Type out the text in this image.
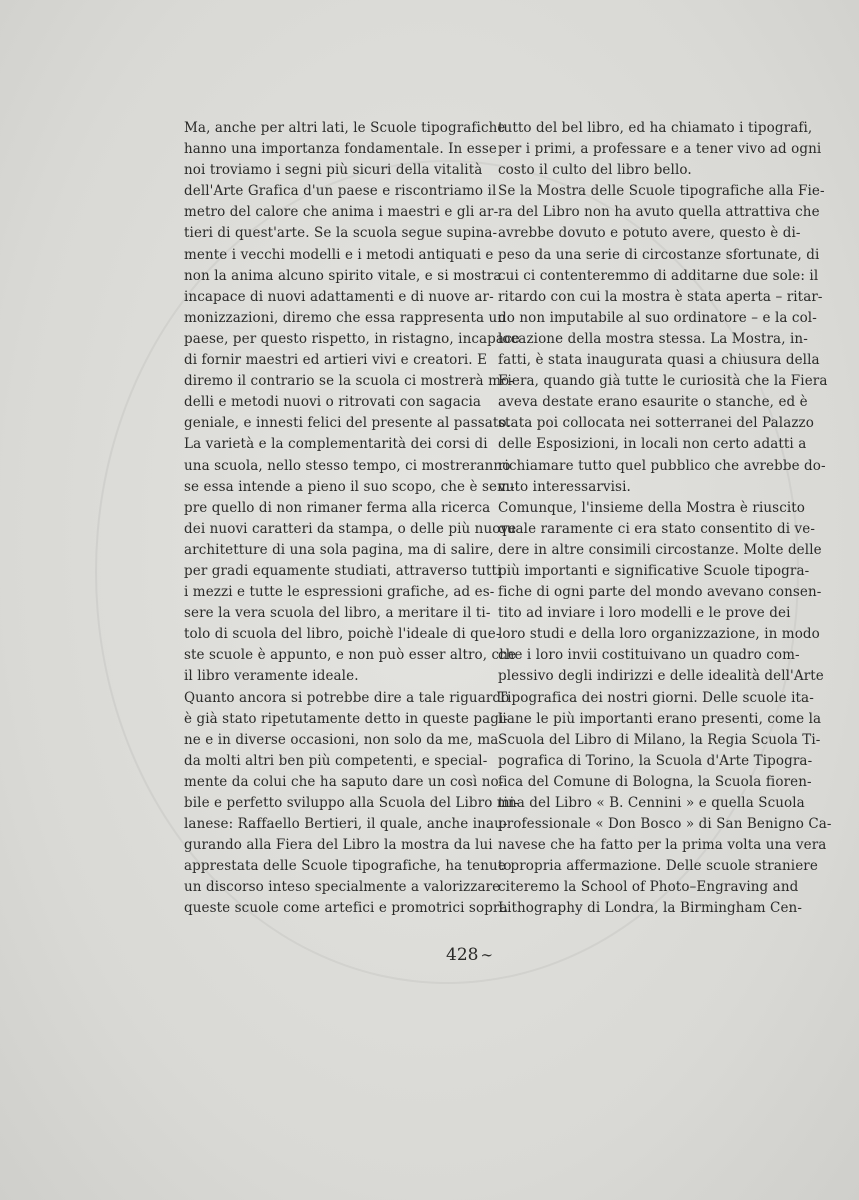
Ma, anche per altri lati, le Scuole tipografiche
hanno una importanza fondamentale. In esse
noi troviamo i segni più sicuri della vitalità
dell'Arte Grafica d'un paese e riscontriamo il
metro del calore che anima i maestri e gli ar-
tieri di quest'arte. Se la scuola segue supina-
mente i vecchi modelli e i metodi antiquati e
non la anima alcuno spirito vitale, e si mostra
incapace di nuovi adattamenti e di nuove ar-
monizzazioni, diremo che essa rappresenta un
paese, per questo rispetto, in ristagno, incapace
di fornir maestri ed artieri vivi e creatori. E
diremo il contrario se la scuola ci mostrerà mo-
delli e metodi nuovi o ritrovati con sagacia
geniale, e innesti felici del presente al passato.
La varietà e la complementarità dei corsi di
una scuola, nello stesso tempo, ci mostreranno
se essa intende a pieno il suo scopo, che è sem-
pre quello di non rimaner ferma alla ricerca
dei nuovi caratteri da stampa, o delle più nuove
architetture di una sola pagina, ma di salire,
per gradi equamente studiati, attraverso tutti
i mezzi e tutte le espressioni grafiche, ad es-
sere la vera scuola del libro, a meritare il ti-
tolo di scuola del libro, poichè l'ideale di que-
ste scuole è appunto, e non può esser altro, che
il libro veramente ideale.
Quanto ancora si potrebbe dire a tale riguardo
è già stato ripetutamente detto in queste pagi-
ne e in diverse occasioni, non solo da me, ma
da molti altri ben più competenti, e special-
mente da colui che ha saputo dare un così no-
bile e perfetto sviluppo alla Scuola del Libro mi-
lanese: Raffaello Bertieri, il quale, anche inau-
gurando alla Fiera del Libro la mostra da lui
apprestata delle Scuole tipografiche, ha tenuto
un discorso inteso specialmente a valorizzare
queste scuole come artefici e promotrici sopra
tutto del bel libro, ed ha chiamato i tipografi,
per i primi, a professare e a tener vivo ad ogni
costo il culto del libro bello.
Se la Mostra delle Scuole tipografiche alla Fie-
ra del Libro non ha avuto quella attrattiva che
avrebbe dovuto e potuto avere, questo è di-
peso da una serie di circostanze sfortunate, di
cui ci contenteremmo di additarne due sole: il
ritardo con cui la mostra è stata aperta – ritar-
do non imputabile al suo ordinatore – e la col-
locazione della mostra stessa. La Mostra, in-
fatti, è stata inaugurata quasi a chiusura della
Fiera, quando già tutte le curiosità che la Fiera
aveva destate erano esaurite o stanche, ed è
stata poi collocata nei sotterranei del Palazzo
delle Esposizioni, in locali non certo adatti a
richiamare tutto quel pubblico che avrebbe do-
vuto interessarvisi.
Comunque, l'insieme della Mostra è riuscito
quale raramente ci era stato consentito di ve-
dere in altre consimili circostanze. Molte delle
più importanti e significative Scuole tipogra-
fiche di ogni parte del mondo avevano consen-
tito ad inviare i loro modelli e le prove dei
loro studi e della loro organizzazione, in modo
che i loro invii costituivano un quadro com-
plessivo degli indirizzi e delle idealità dell'Arte
Tipografica dei nostri giorni. Delle scuole ita-
liane le più importanti erano presenti, come la
Scuola del Libro di Milano, la Regia Scuola Ti-
pografica di Torino, la Scuola d'Arte Tipogra-
fica del Comune di Bologna, la Scuola fioren-
tina del Libro « B. Cennini » e quella Scuola
professionale « Don Bosco » di San Benigno Ca-
navese che ha fatto per la prima volta una vera
e propria affermazione. Delle scuole straniere
citeremo la School of Photo–Engraving and
Lithography di Londra, la Birmingham Cen-
428 ∼
